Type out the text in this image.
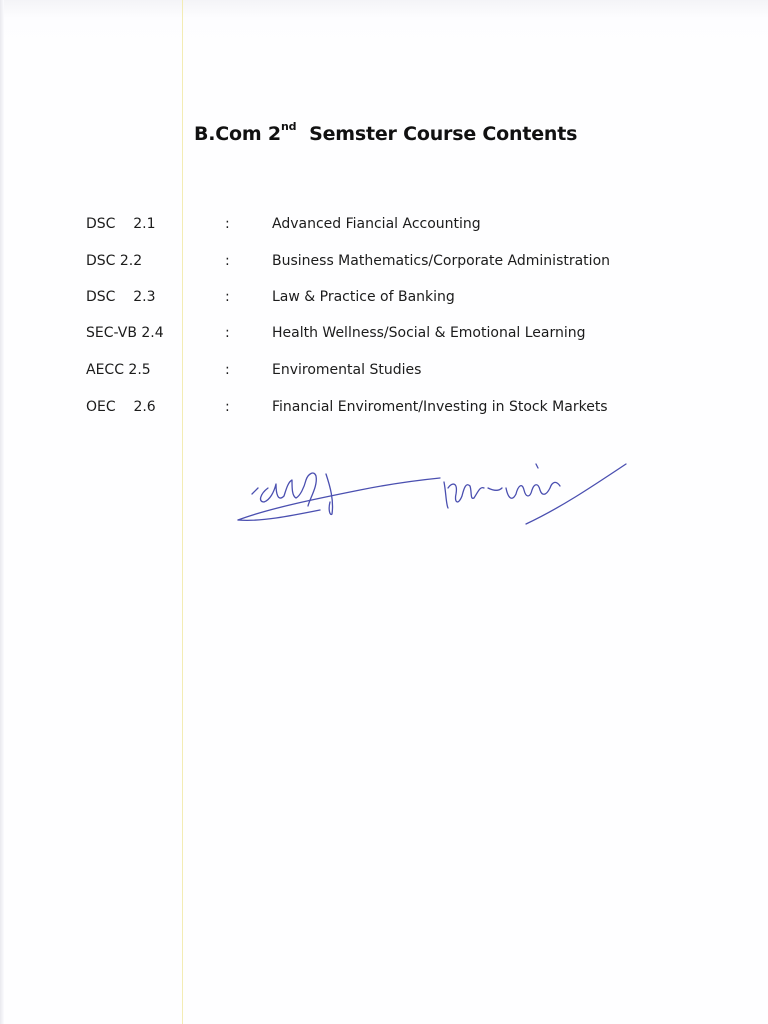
B.Com 2nd Semster Course Contents
DSC    2.1	:	Advanced Fiancial Accounting
DSC 2.2	:	Business Mathematics/Corporate Administration
DSC    2.3	:	Law & Practice of Banking
SEC-VB 2.4	:	Health Wellness/Social & Emotional Learning
AECC 2.5	:	Enviromental Studies
OEC    2.6	:	Financial Enviroment/Investing in Stock Markets
